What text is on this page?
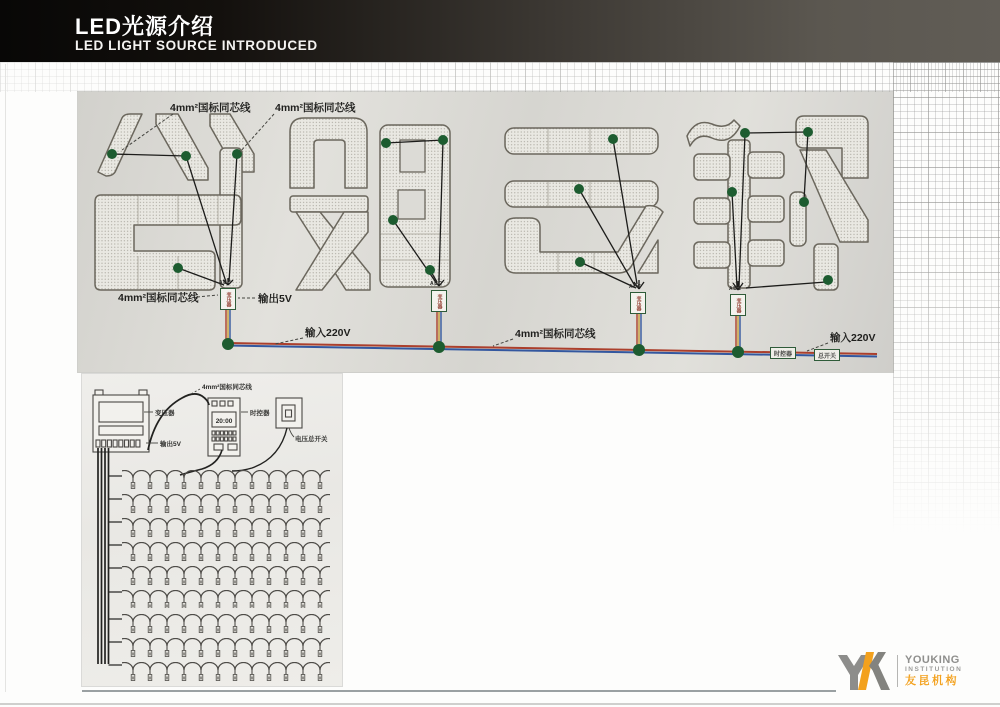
LED光源介绍
LED LIGHT SOURCE INTRODUCED
4mm²国标同芯线 4mm²国标同芯线
4mm²国标同芯线	输出5V
输入220V	4mm²国标同芯线	输入220V
ABC	ABC	ABC	ABC
变压器	变压器	变压器	变压器
时控器	总开关
20:00
4mm²国标同芯线
变压器
输出5V
时控器
电压总开关
YOUKING
INSTITUTION
友昆机构
